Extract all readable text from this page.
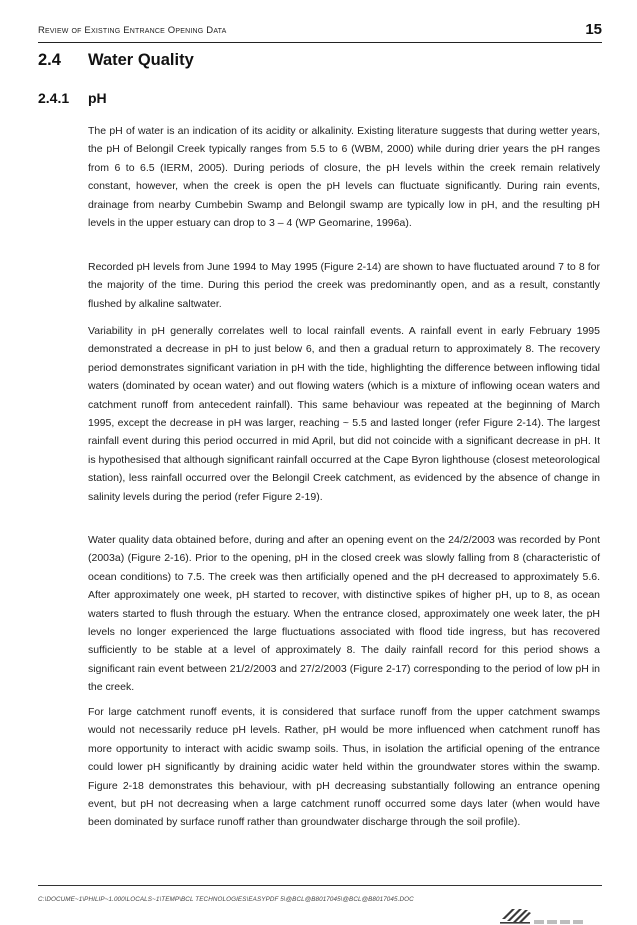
Review of Existing Entrance Opening Data	15
2.4 Water Quality
2.4.1 pH

The pH of water is an indication of its acidity or alkalinity. Existing literature suggests that during wetter years, the pH of Belongil Creek typically ranges from 5.5 to 6 (WBM, 2000) while during drier years the pH ranges from 6 to 6.5 (IERM, 2005). During periods of closure, the pH levels within the creek remain relatively constant, however, when the creek is open the pH levels can fluctuate significantly. During rain events, drainage from nearby Cumbebin Swamp and Belongil swamp are typically low in pH, and the resulting pH levels in the upper estuary can drop to 3 – 4 (WP Geomarine, 1996a).

Recorded pH levels from June 1994 to May 1995 (Figure 2-14) are shown to have fluctuated around 7 to 8 for the majority of the time. During this period the creek was predominantly open, and as a result, constantly flushed by alkaline saltwater.

Variability in pH generally correlates well to local rainfall events. A rainfall event in early February 1995 demonstrated a decrease in pH to just below 6, and then a gradual return to approximately 8. The recovery period demonstrates significant variation in pH with the tide, highlighting the difference between inflowing tidal waters (dominated by ocean water) and out flowing waters (which is a mixture of inflowing ocean waters and catchment runoff from antecedent rainfall). This same behaviour was repeated at the beginning of March 1995, except the decrease in pH was larger, reaching ~ 5.5 and lasted longer (refer Figure 2-14). The largest rainfall event during this period occurred in mid April, but did not coincide with a significant decrease in pH. It is hypothesised that although significant rainfall occurred at the Cape Byron lighthouse (closest meteorological station), less rainfall occurred over the Belongil Creek catchment, as evidenced by the absence of change in salinity levels during the period (refer Figure 2-19).

Water quality data obtained before, during and after an opening event on the 24/2/2003 was recorded by Pont (2003a) (Figure 2-16). Prior to the opening, pH in the closed creek was slowly falling from 8 (characteristic of ocean conditions) to 7.5. The creek was then artificially opened and the pH decreased to approximately 5.6. After approximately one week, pH started to recover, with distinctive spikes of higher pH, up to 8, as ocean waters started to flush through the estuary. When the entrance closed, approximately one week later, the pH levels no longer experienced the large fluctuations associated with flood tide ingress, but has recovered sufficiently to be stable at a level of approximately 8. The daily rainfall record for this period shows a significant rain event between 21/2/2003 and 27/2/2003 (Figure 2-17) corresponding to the period of low pH in the creek.

For large catchment runoff events, it is considered that surface runoff from the upper catchment swamps would not necessarily reduce pH levels. Rather, pH would be more influenced when catchment runoff has more opportunity to interact with acidic swamp soils. Thus, in isolation the artificial opening of the entrance could lower pH significantly by draining acidic water held within the groundwater stores within the swamp. Figure 2-18 demonstrates this behaviour, with pH decreasing substantially following an entrance opening event, but pH not decreasing when a large catchment runoff occurred some days later (when would have been dominated by surface runoff rather than groundwater discharge through the soil profile).

C:\DOCUME~1\PHILIP~1.000\LOCALS~1\TEMP\BCL TECHNOLOGIES\EASYPDF 5\@BCL@B8017045\@BCL@B8017045.DOC
